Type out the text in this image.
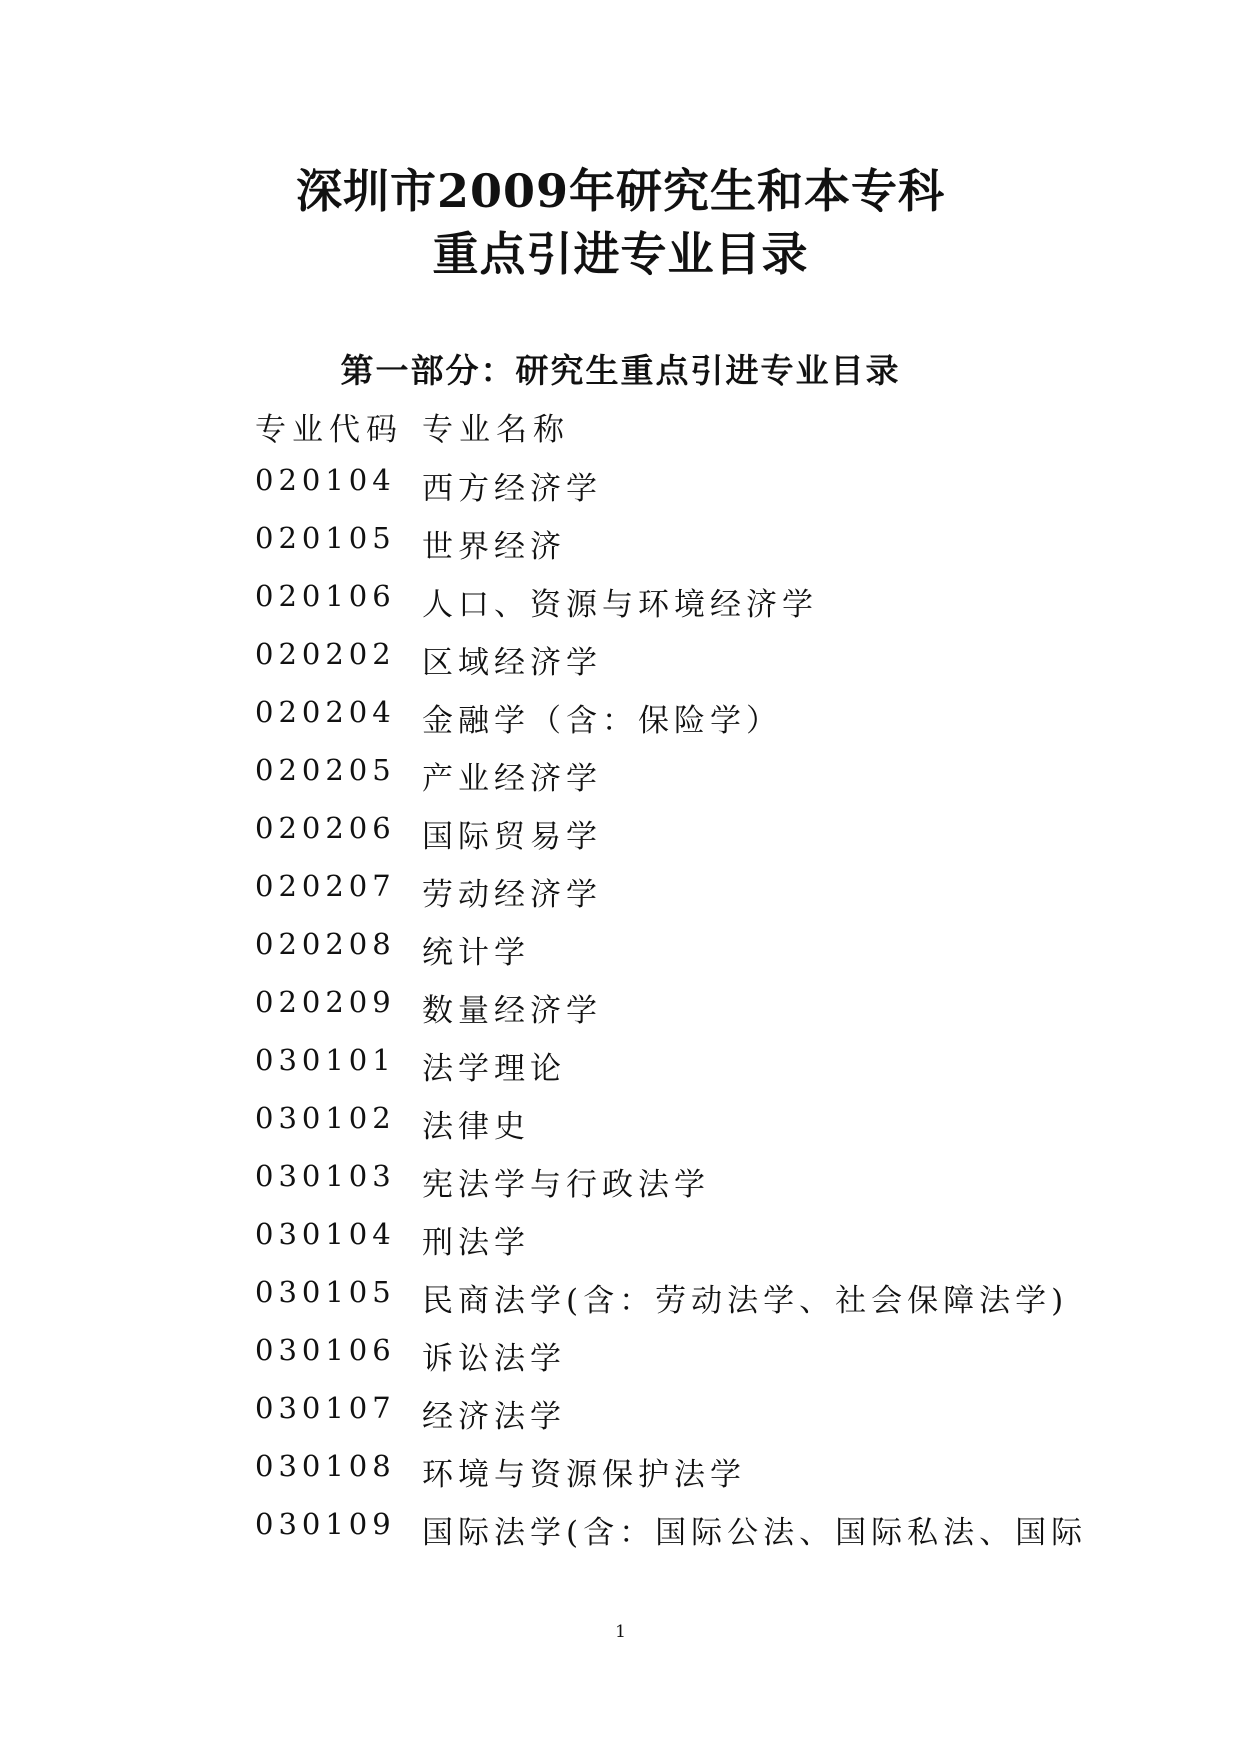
深圳市2009年研究生和本专科
重点引进专业目录
第一部分：研究生重点引进专业目录
专业代码 专业名称
020104 西方经济学
020105 世界经济
020106 人口、资源与环境经济学
020202 区域经济学
020204 金融学（含：保险学）
020205 产业经济学
020206 国际贸易学
020207 劳动经济学
020208 统计学
020209 数量经济学
030101 法学理论
030102 法律史
030103 宪法学与行政法学
030104 刑法学
030105 民商法学(含：劳动法学、社会保障法学)
030106 诉讼法学
030107 经济法学
030108 环境与资源保护法学
030109 国际法学(含：国际公法、国际私法、国际
1
